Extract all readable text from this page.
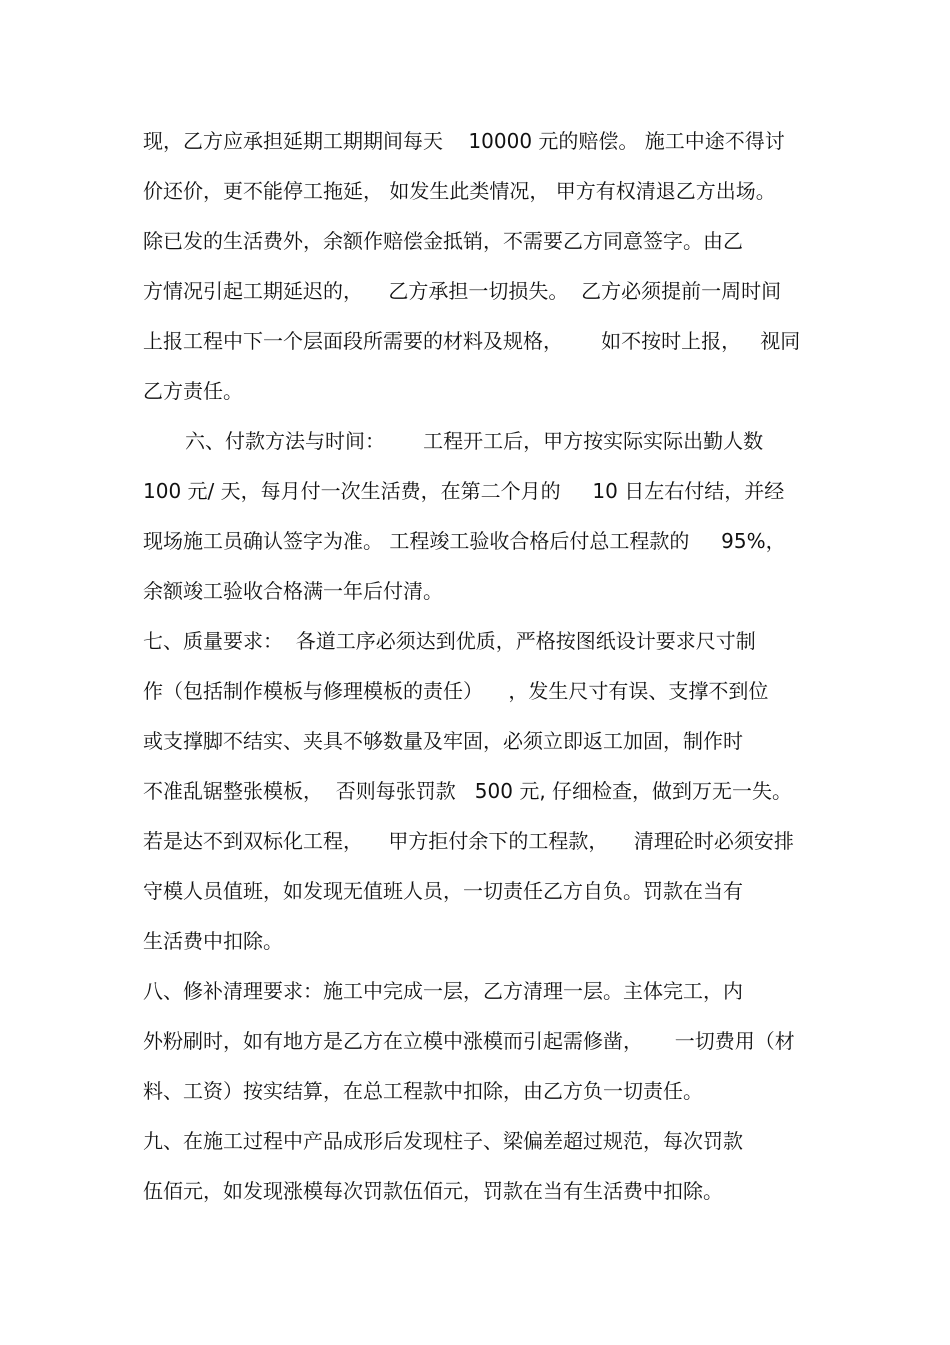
现，乙方应承担延期工期期间每天    10000 元的赔偿。 施工中途不得讨
价还价，更不能停工拖延， 如发生此类情况， 甲方有权清退乙方出场。
除已发的生活费外，余额作赔偿金抵销，不需要乙方同意签字。由乙
方情况引起工期延迟的，    乙方承担一切损失。  乙方必须提前一周时间
上报工程中下一个层面段所需要的材料及规格，      如不按时上报，   视同
乙方责任。
六、付款方法与时间：      工程开工后，甲方按实际实际出勤人数
100 元/ 天，每月付一次生活费，在第二个月的     10 日左右付结，并经
现场施工员确认签字为准。 工程竣工验收合格后付总工程款的     95%，
余额竣工验收合格满一年后付清。
七、质量要求：  各道工序必须达到优质，严格按图纸设计要求尺寸制
作（包括制作模板与修理模板的责任）    ，发生尺寸有误、支撑不到位
或支撑脚不结实、夹具不够数量及牢固，必须立即返工加固，制作时
不准乱锯整张模板，  否则每张罚款   500 元, 仔细检查，做到万无一失。
若是达不到双标化工程，    甲方拒付余下的工程款，    清理砼时必须安排
守模人员值班，如发现无值班人员，一切责任乙方自负。罚款在当有
生活费中扣除。
八、修补清理要求：施工中完成一层，乙方清理一层。主体完工，内
外粉刷时，如有地方是乙方在立模中涨模而引起需修凿，     一切费用（材
料、工资）按实结算，在总工程款中扣除，由乙方负一切责任。
九、在施工过程中产品成形后发现柱子、梁偏差超过规范，每次罚款
伍佰元，如发现涨模每次罚款伍佰元，罚款在当有生活费中扣除。
